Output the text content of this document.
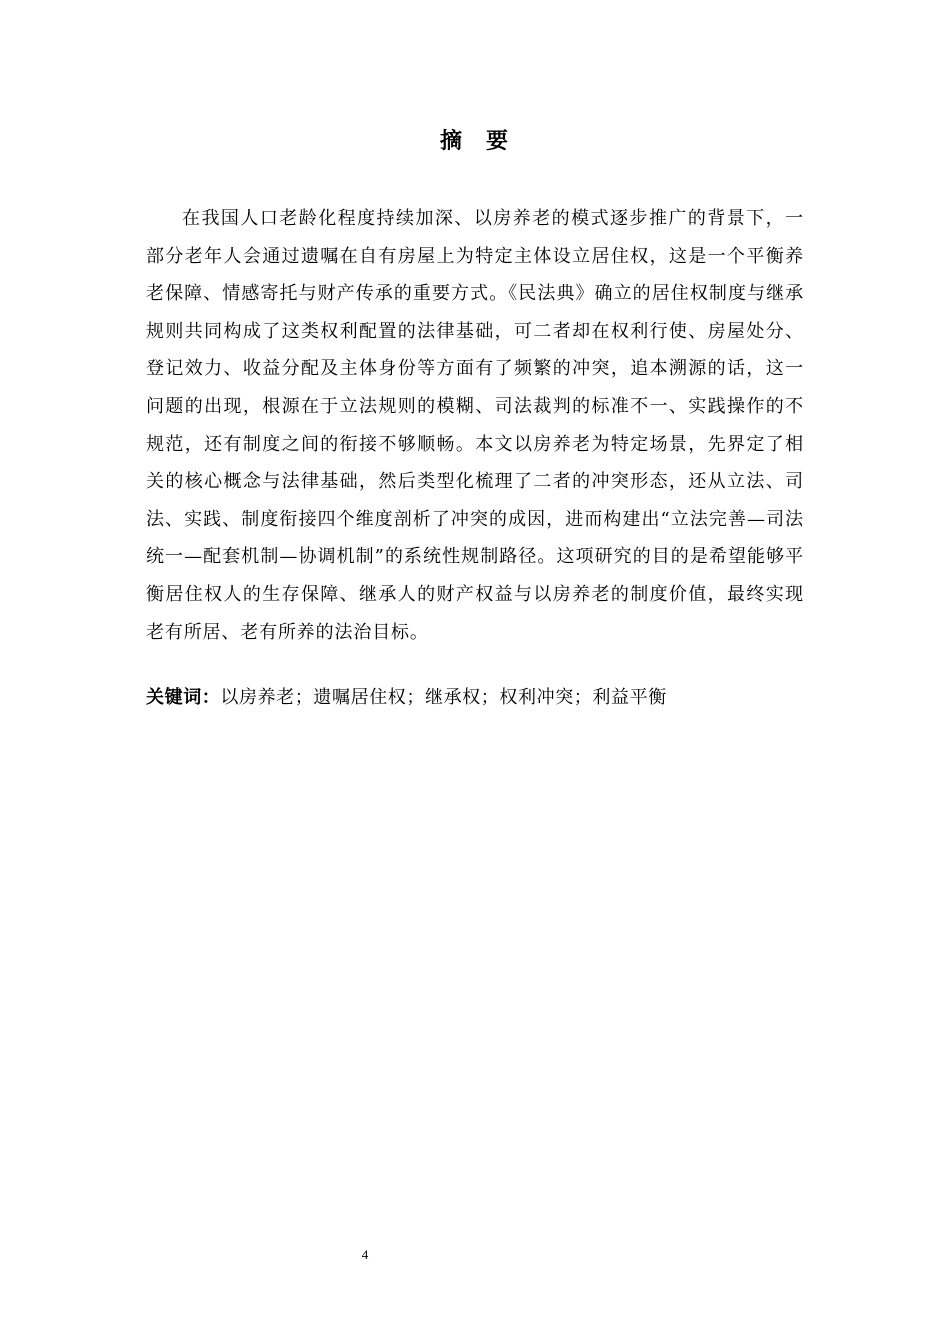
摘 要

在我国人口老龄化程度持续加深、以房养老的模式逐步推广的背景下，一部分老年人会通过遗嘱在自有房屋上为特定主体设立居住权，这是一个平衡养老保障、情感寄托与财产传承的重要方式。《民法典》确立的居住权制度与继承规则共同构成了这类权利配置的法律基础，可二者却在权利行使、房屋处分、登记效力、收益分配及主体身份等方面有了频繁的冲突，追本溯源的话，这一问题的出现，根源在于立法规则的模糊、司法裁判的标准不一、实践操作的不规范，还有制度之间的衔接不够顺畅。本文以房养老为特定场景，先界定了相关的核心概念与法律基础，然后类型化梳理了二者的冲突形态，还从立法、司法、实践、制度衔接四个维度剖析了冲突的成因，进而构建出“立法完善—司法统一—配套机制—协调机制”的系统性规制路径。这项研究的目的是希望能够平衡居住权人的生存保障、继承人的财产权益与以房养老的制度价值，最终实现老有所居、老有所养的法治目标。

关键词：以房养老；遗嘱居住权；继承权；权利冲突；利益平衡
4
